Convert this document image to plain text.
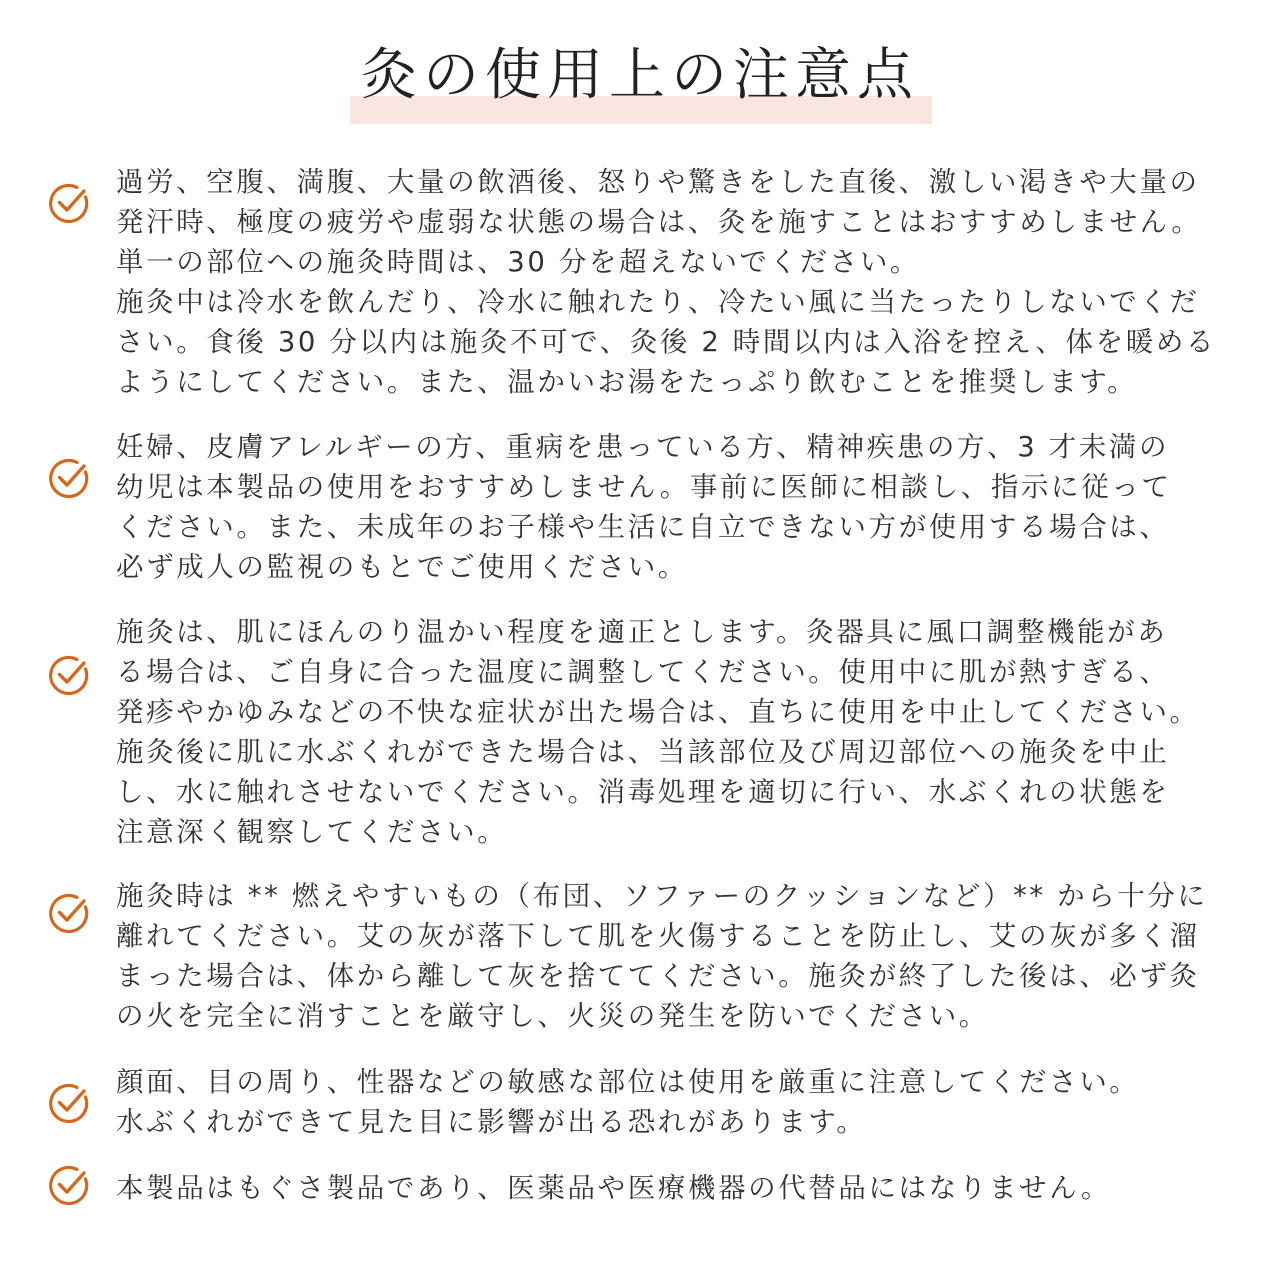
灸の使用上の注意点

過労、空腹、満腹、大量の飲酒後、怒りや驚きをした直後、激しい渇きや大量の
発汗時、極度の疲労や虚弱な状態の場合は、灸を施すことはおすすめしません。
単一の部位への施灸時間は、30 分を超えないでください。
施灸中は冷水を飲んだり、冷水に触れたり、冷たい風に当たったりしないでくだ
さい。食後 30 分以内は施灸不可で、灸後 2 時間以内は入浴を控え、体を暖める
ようにしてください。また、温かいお湯をたっぷり飲むことを推奨します。

妊婦、皮膚アレルギーの方、重病を患っている方、精神疾患の方、3 才未満の
幼児は本製品の使用をおすすめしません。事前に医師に相談し、指示に従って
ください。また、未成年のお子様や生活に自立できない方が使用する場合は、
必ず成人の監視のもとでご使用ください。

施灸は、肌にほんのり温かい程度を適正とします。灸器具に風口調整機能があ
る場合は、ご自身に合った温度に調整してください。使用中に肌が熱すぎる、
発疹やかゆみなどの不快な症状が出た場合は、直ちに使用を中止してください。
施灸後に肌に水ぶくれができた場合は、当該部位及び周辺部位への施灸を中止
し、水に触れさせないでください。消毒処理を適切に行い、水ぶくれの状態を
注意深く観察してください。

施灸時は ** 燃えやすいもの（布団、ソファーのクッションなど）** から十分に
離れてください。艾の灰が落下して肌を火傷することを防止し、艾の灰が多く溜
まった場合は、体から離して灰を捨ててください。施灸が終了した後は、必ず灸
の火を完全に消すことを厳守し、火災の発生を防いでください。

顔面、目の周り、性器などの敏感な部位は使用を厳重に注意してください。
水ぶくれができて見た目に影響が出る恐れがあります。

本製品はもぐさ製品であり、医薬品や医療機器の代替品にはなりません。
